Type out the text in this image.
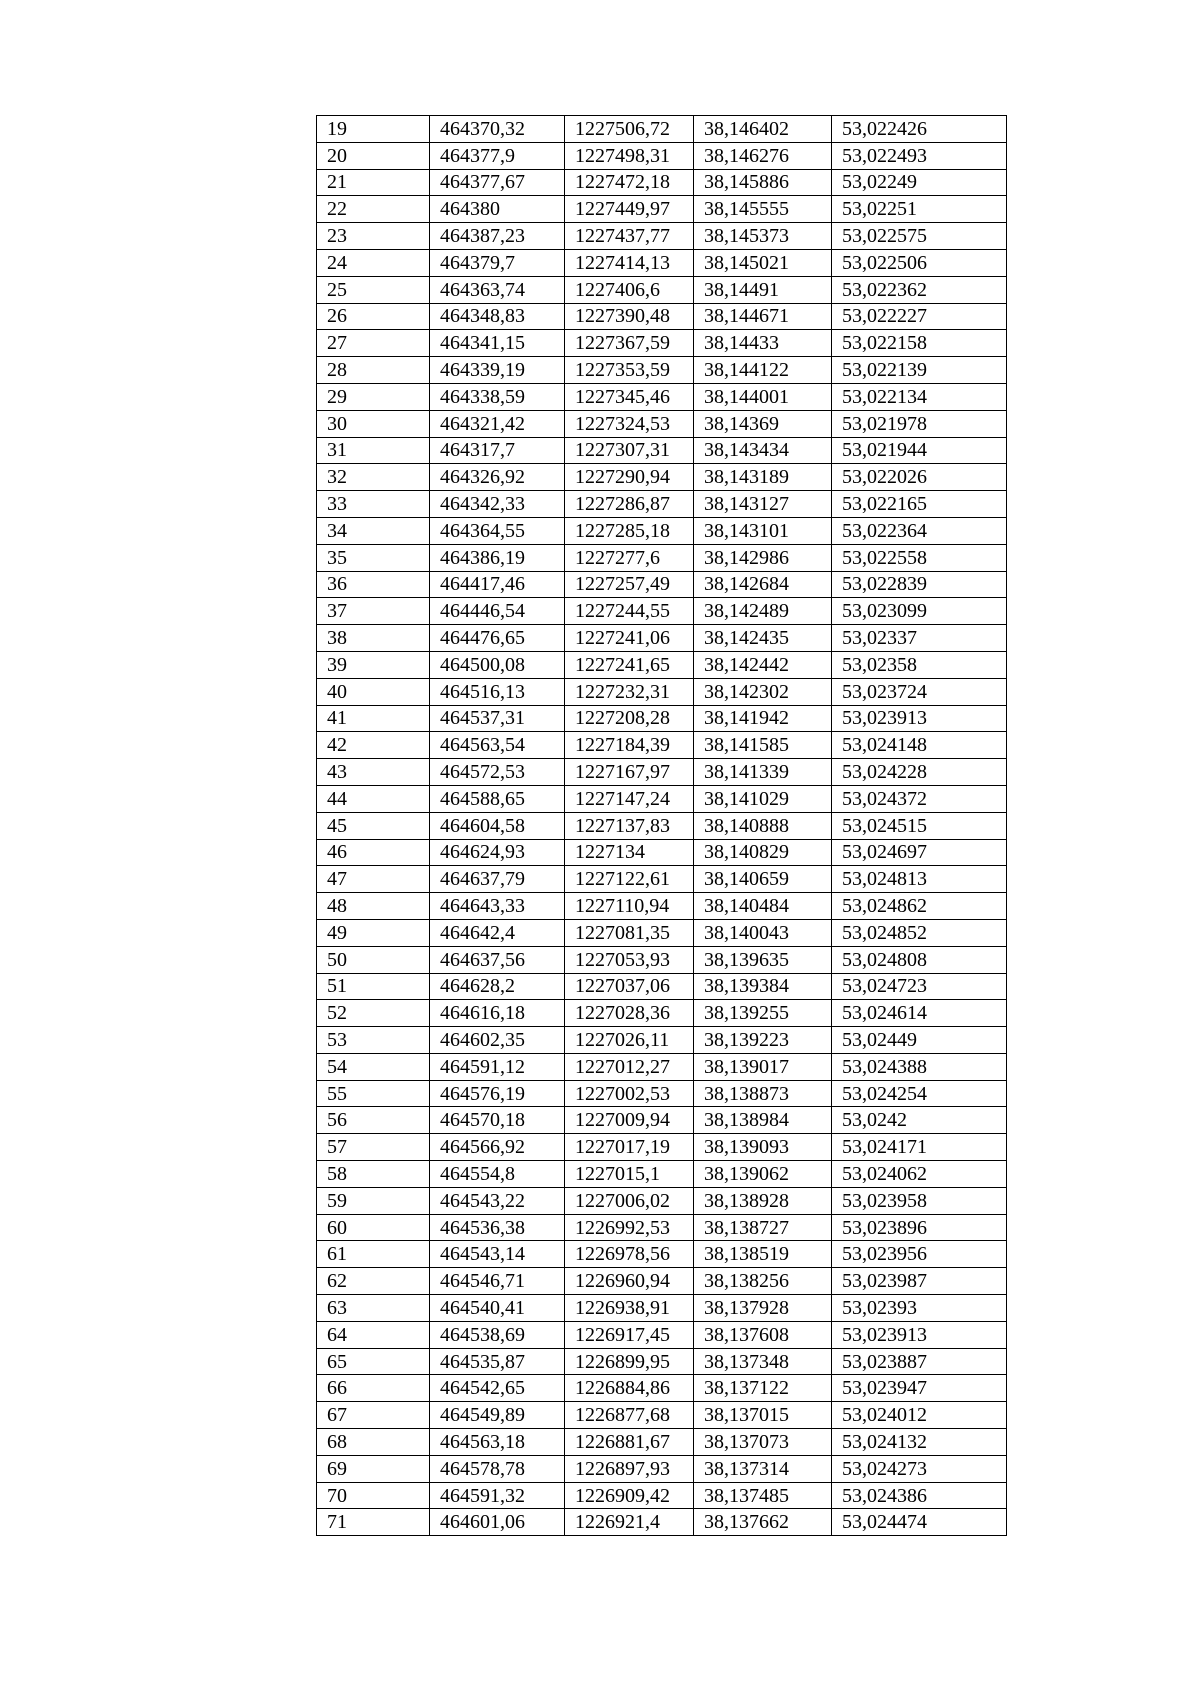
19	464370,32	1227506,72	38,146402	53,022426
20	464377,9	1227498,31	38,146276	53,022493
21	464377,67	1227472,18	38,145886	53,02249
22	464380	1227449,97	38,145555	53,02251
23	464387,23	1227437,77	38,145373	53,022575
24	464379,7	1227414,13	38,145021	53,022506
25	464363,74	1227406,6	38,14491	53,022362
26	464348,83	1227390,48	38,144671	53,022227
27	464341,15	1227367,59	38,14433	53,022158
28	464339,19	1227353,59	38,144122	53,022139
29	464338,59	1227345,46	38,144001	53,022134
30	464321,42	1227324,53	38,14369	53,021978
31	464317,7	1227307,31	38,143434	53,021944
32	464326,92	1227290,94	38,143189	53,022026
33	464342,33	1227286,87	38,143127	53,022165
34	464364,55	1227285,18	38,143101	53,022364
35	464386,19	1227277,6	38,142986	53,022558
36	464417,46	1227257,49	38,142684	53,022839
37	464446,54	1227244,55	38,142489	53,023099
38	464476,65	1227241,06	38,142435	53,02337
39	464500,08	1227241,65	38,142442	53,02358
40	464516,13	1227232,31	38,142302	53,023724
41	464537,31	1227208,28	38,141942	53,023913
42	464563,54	1227184,39	38,141585	53,024148
43	464572,53	1227167,97	38,141339	53,024228
44	464588,65	1227147,24	38,141029	53,024372
45	464604,58	1227137,83	38,140888	53,024515
46	464624,93	1227134	38,140829	53,024697
47	464637,79	1227122,61	38,140659	53,024813
48	464643,33	1227110,94	38,140484	53,024862
49	464642,4	1227081,35	38,140043	53,024852
50	464637,56	1227053,93	38,139635	53,024808
51	464628,2	1227037,06	38,139384	53,024723
52	464616,18	1227028,36	38,139255	53,024614
53	464602,35	1227026,11	38,139223	53,02449
54	464591,12	1227012,27	38,139017	53,024388
55	464576,19	1227002,53	38,138873	53,024254
56	464570,18	1227009,94	38,138984	53,0242
57	464566,92	1227017,19	38,139093	53,024171
58	464554,8	1227015,1	38,139062	53,024062
59	464543,22	1227006,02	38,138928	53,023958
60	464536,38	1226992,53	38,138727	53,023896
61	464543,14	1226978,56	38,138519	53,023956
62	464546,71	1226960,94	38,138256	53,023987
63	464540,41	1226938,91	38,137928	53,02393
64	464538,69	1226917,45	38,137608	53,023913
65	464535,87	1226899,95	38,137348	53,023887
66	464542,65	1226884,86	38,137122	53,023947
67	464549,89	1226877,68	38,137015	53,024012
68	464563,18	1226881,67	38,137073	53,024132
69	464578,78	1226897,93	38,137314	53,024273
70	464591,32	1226909,42	38,137485	53,024386
71	464601,06	1226921,4	38,137662	53,024474
